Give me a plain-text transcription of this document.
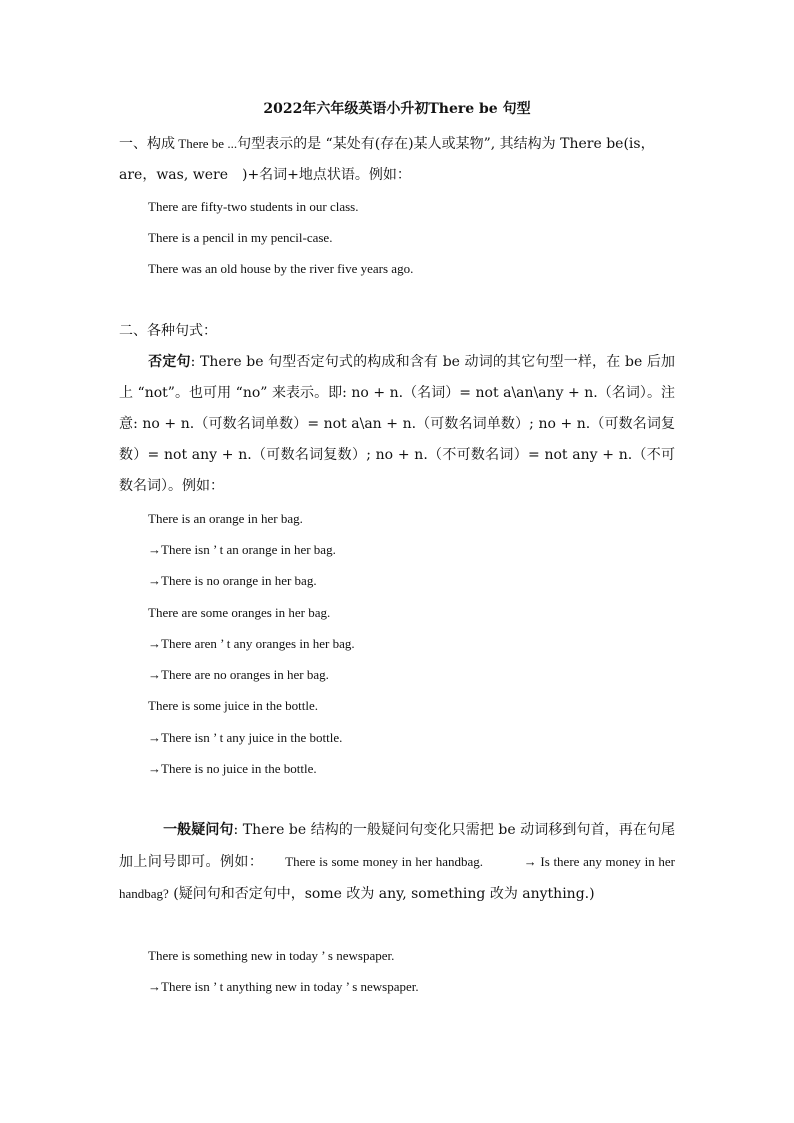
2022年六年级英语小升初There be 句型
一、构成 There be ...句型表示的是 “某处有(存在)某人或某物”, 其结构为 There be(is，are，was, were　)+名词+地点状语。例如：
There are fifty-two students in our class.
There is a pencil in my pencil-case.
There was an old house by the river five years ago.
二、各种句式：
否定句: There be 句型否定句式的构成和含有 be 动词的其它句型一样，在 be 后加上 “not”。也可用 “no” 来表示。即: no + n.（名词）= not a\an\any + n.（名词）。注意: no + n.（可数名词单数）= not a\an + n.（可数名词单数）; no + n.（可数名词复数）= not any + n.（可数名词复数）; no + n.（不可数名词）= not any + n.（不可数名词）。例如：
There is an orange in her bag.
→There isn ’ t an orange in her bag.
→There is no orange in her bag.
There are some oranges in her bag.
→There aren ’ t any oranges in her bag.
→There are no oranges in her bag.
There is some juice in the bottle.
→There isn ’ t any juice in the bottle.
→There is no juice in the bottle.
一般疑问句: There be 结构的一般疑问句变化只需把 be 动词移到句首，再在句尾加上问号即可。例如：　　There is some money in her handbag.　　　→ Is there any money in her handbag? (疑问句和否定句中，some 改为 any, something 改为 anything.)
There is something new in today ’ s newspaper.
→There isn ’ t anything new in today ’ s newspaper.
